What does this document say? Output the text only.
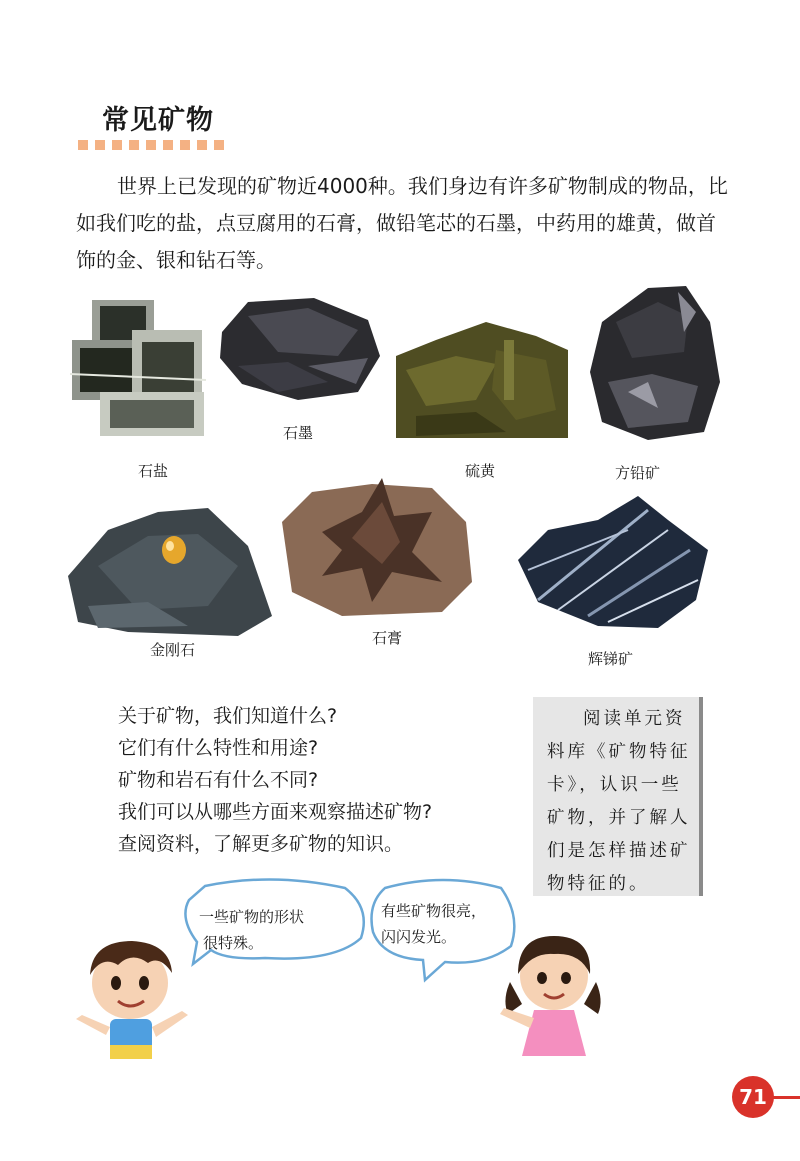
常见矿物
世界上已发现的矿物近4000种。我们身边有许多矿物制成的物品，比如我们吃的盐，点豆腐用的石膏，做铅笔芯的石墨，中药用的雄黄，做首饰的金、银和钻石等。
石盐
石墨
硫黄	方铅矿
金刚石
石膏
辉锑矿
关于矿物，我们知道什么?
它们有什么特性和用途?
矿物和岩石有什么不同?
我们可以从哪些方面来观察描述矿物?
查阅资料，了解更多矿物的知识。
阅读单元资料库《矿物特征卡》，认识一些矿物，并了解人们是怎样描述矿物特征的。
一些矿物的形状
很特殊。
有些矿物很亮，
闪闪发光。
71
